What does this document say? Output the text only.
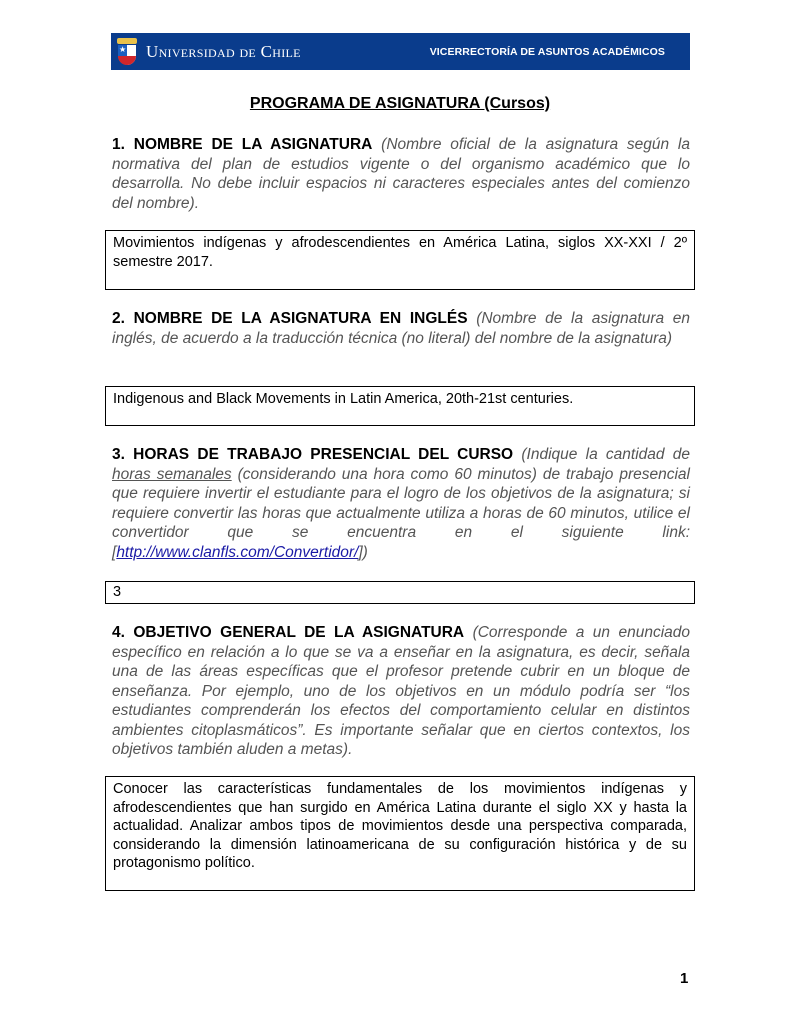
★ Universidad de Chile	VICERRECTORÍA DE ASUNTOS ACADÉMICOS
PROGRAMA DE ASIGNATURA (Cursos)
1. NOMBRE DE LA ASIGNATURA (Nombre oficial de la asignatura según la normativa del plan de estudios vigente o del organismo académico que lo desarrolla. No debe incluir espacios ni caracteres especiales antes del comienzo del nombre).
Movimientos indígenas y afrodescendientes en América Latina, siglos XX-XXI / 2º semestre 2017.
2. NOMBRE DE LA ASIGNATURA EN INGLÉS (Nombre de la asignatura en inglés, de acuerdo a la traducción técnica (no literal) del nombre de la asignatura)
Indigenous and Black Movements in Latin America, 20th-21st centuries.
3. HORAS DE TRABAJO PRESENCIAL DEL CURSO (Indique la cantidad de horas semanales (considerando una hora como 60 minutos) de trabajo presencial que requiere invertir el estudiante para el logro de los objetivos de la asignatura; si requiere convertir las horas que actualmente utiliza a horas de 60 minutos, utilice el convertidor que se encuentra en el siguiente link: [http://www.clanfls.com/Convertidor/])
3
4. OBJETIVO GENERAL DE LA ASIGNATURA (Corresponde a un enunciado específico en relación a lo que se va a enseñar en la asignatura, es decir, señala una de las áreas específicas que el profesor pretende cubrir en un bloque de enseñanza. Por ejemplo, uno de los objetivos en un módulo podría ser “los estudiantes comprenderán los efectos del comportamiento celular en distintos ambientes citoplasmáticos”. Es importante señalar que en ciertos contextos, los objetivos también aluden a metas).
Conocer las características fundamentales de los movimientos indígenas y afrodescendientes que han surgido en América Latina durante el siglo XX y hasta la actualidad. Analizar ambos tipos de movimientos desde una perspectiva comparada, considerando la dimensión latinoamericana de su configuración histórica y de su protagonismo político.
1
